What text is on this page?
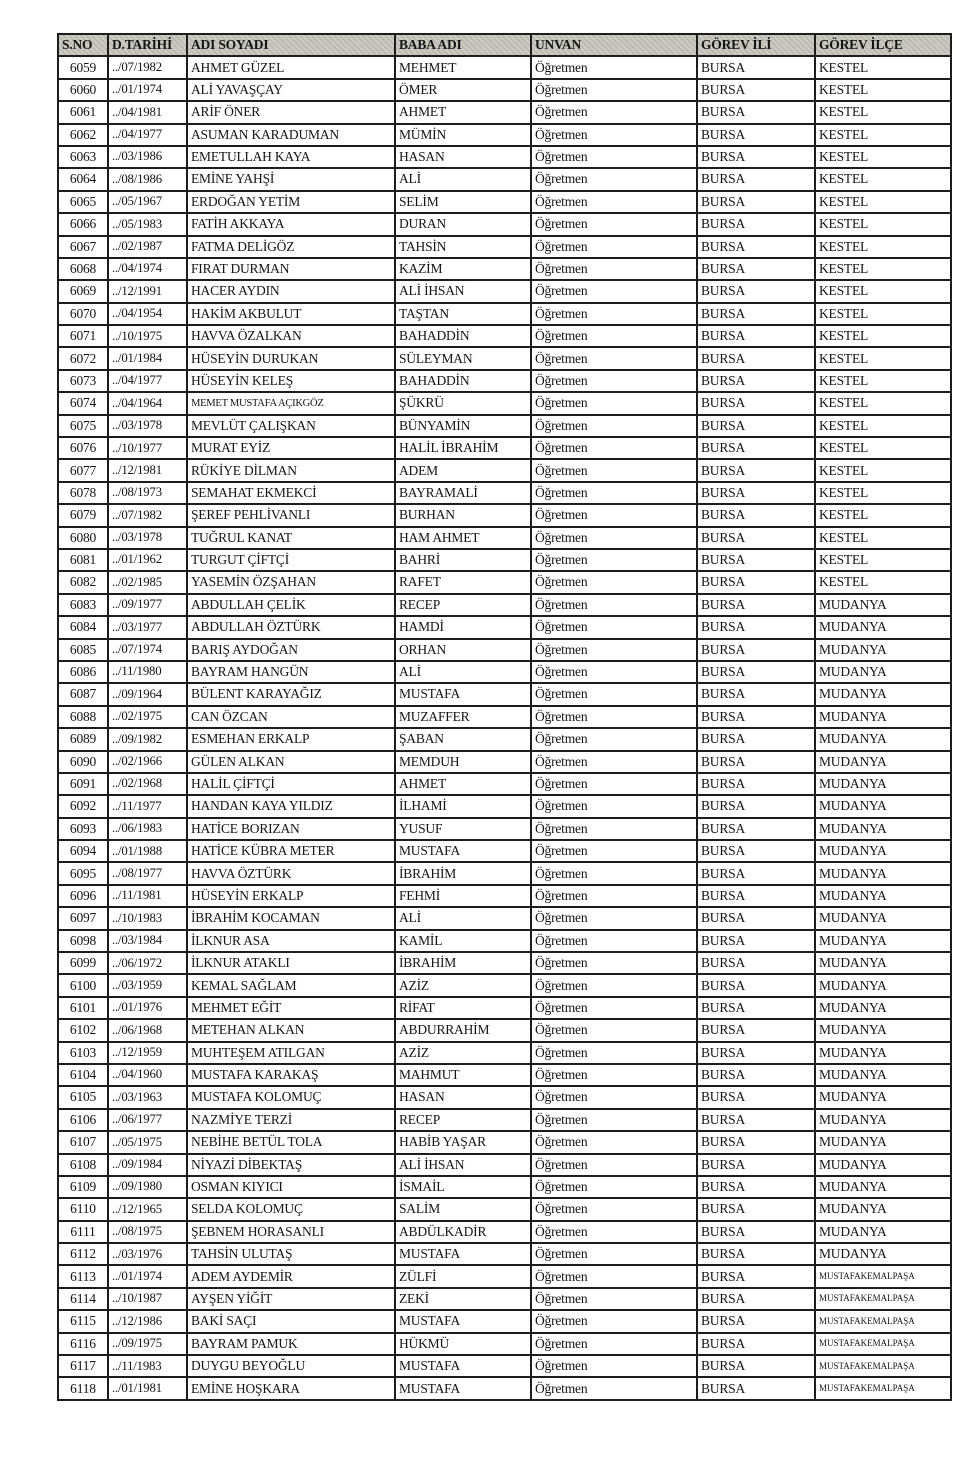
S.NO	D.TARİHİ	ADI SOYADI	BABA ADI	UNVAN	GÖREV İLİ	GÖREV İLÇE
6059	../07/1982	AHMET GÜZEL	MEHMET	Öğretmen	BURSA	KESTEL
6060	../01/1974	ALİ YAVAŞÇAY	ÖMER	Öğretmen	BURSA	KESTEL
6061	../04/1981	ARİF ÖNER	AHMET	Öğretmen	BURSA	KESTEL
6062	../04/1977	ASUMAN KARADUMAN	MÜMİN	Öğretmen	BURSA	KESTEL
6063	../03/1986	EMETULLAH KAYA	HASAN	Öğretmen	BURSA	KESTEL
6064	../08/1986	EMİNE YAHŞİ	ALİ	Öğretmen	BURSA	KESTEL
6065	../05/1967	ERDOĞAN YETİM	SELİM	Öğretmen	BURSA	KESTEL
6066	../05/1983	FATİH AKKAYA	DURAN	Öğretmen	BURSA	KESTEL
6067	../02/1987	FATMA DELİGÖZ	TAHSİN	Öğretmen	BURSA	KESTEL
6068	../04/1974	FIRAT DURMAN	KAZİM	Öğretmen	BURSA	KESTEL
6069	../12/1991	HACER AYDIN	ALİ İHSAN	Öğretmen	BURSA	KESTEL
6070	../04/1954	HAKİM AKBULUT	TAŞTAN	Öğretmen	BURSA	KESTEL
6071	../10/1975	HAVVA ÖZALKAN	BAHADDİN	Öğretmen	BURSA	KESTEL
6072	../01/1984	HÜSEYİN DURUKAN	SÜLEYMAN	Öğretmen	BURSA	KESTEL
6073	../04/1977	HÜSEYİN KELEŞ	BAHADDİN	Öğretmen	BURSA	KESTEL
6074	../04/1964	MEMET MUSTAFA AÇIKGÖZ	ŞÜKRÜ	Öğretmen	BURSA	KESTEL
6075	../03/1978	MEVLÜT ÇALIŞKAN	BÜNYAMİN	Öğretmen	BURSA	KESTEL
6076	../10/1977	MURAT EYİZ	HALİL İBRAHİM	Öğretmen	BURSA	KESTEL
6077	../12/1981	RÜKİYE DİLMAN	ADEM	Öğretmen	BURSA	KESTEL
6078	../08/1973	SEMAHAT EKMEKCİ	BAYRAMALİ	Öğretmen	BURSA	KESTEL
6079	../07/1982	ŞEREF PEHLİVANLI	BURHAN	Öğretmen	BURSA	KESTEL
6080	../03/1978	TUĞRUL KANAT	HAM AHMET	Öğretmen	BURSA	KESTEL
6081	../01/1962	TURGUT ÇİFTÇİ	BAHRİ	Öğretmen	BURSA	KESTEL
6082	../02/1985	YASEMİN ÖZŞAHAN	RAFET	Öğretmen	BURSA	KESTEL
6083	../09/1977	ABDULLAH ÇELİK	RECEP	Öğretmen	BURSA	MUDANYA
6084	../03/1977	ABDULLAH ÖZTÜRK	HAMDİ	Öğretmen	BURSA	MUDANYA
6085	../07/1974	BARIŞ AYDOĞAN	ORHAN	Öğretmen	BURSA	MUDANYA
6086	../11/1980	BAYRAM HANGÜN	ALİ	Öğretmen	BURSA	MUDANYA
6087	../09/1964	BÜLENT KARAYAĞIZ	MUSTAFA	Öğretmen	BURSA	MUDANYA
6088	../02/1975	CAN ÖZCAN	MUZAFFER	Öğretmen	BURSA	MUDANYA
6089	../09/1982	ESMEHAN ERKALP	ŞABAN	Öğretmen	BURSA	MUDANYA
6090	../02/1966	GÜLEN ALKAN	MEMDUH	Öğretmen	BURSA	MUDANYA
6091	../02/1968	HALİL ÇİFTÇİ	AHMET	Öğretmen	BURSA	MUDANYA
6092	../11/1977	HANDAN KAYA YILDIZ	İLHAMİ	Öğretmen	BURSA	MUDANYA
6093	../06/1983	HATİCE BORIZAN	YUSUF	Öğretmen	BURSA	MUDANYA
6094	../01/1988	HATİCE KÜBRA METER	MUSTAFA	Öğretmen	BURSA	MUDANYA
6095	../08/1977	HAVVA ÖZTÜRK	İBRAHİM	Öğretmen	BURSA	MUDANYA
6096	../11/1981	HÜSEYİN ERKALP	FEHMİ	Öğretmen	BURSA	MUDANYA
6097	../10/1983	İBRAHİM KOCAMAN	ALİ	Öğretmen	BURSA	MUDANYA
6098	../03/1984	İLKNUR ASA	KAMİL	Öğretmen	BURSA	MUDANYA
6099	../06/1972	İLKNUR ATAKLI	İBRAHİM	Öğretmen	BURSA	MUDANYA
6100	../03/1959	KEMAL SAĞLAM	AZİZ	Öğretmen	BURSA	MUDANYA
6101	../01/1976	MEHMET EĞİT	RİFAT	Öğretmen	BURSA	MUDANYA
6102	../06/1968	METEHAN ALKAN	ABDURRAHİM	Öğretmen	BURSA	MUDANYA
6103	../12/1959	MUHTEŞEM ATILGAN	AZİZ	Öğretmen	BURSA	MUDANYA
6104	../04/1960	MUSTAFA KARAKAŞ	MAHMUT	Öğretmen	BURSA	MUDANYA
6105	../03/1963	MUSTAFA KOLOMUÇ	HASAN	Öğretmen	BURSA	MUDANYA
6106	../06/1977	NAZMİYE TERZİ	RECEP	Öğretmen	BURSA	MUDANYA
6107	../05/1975	NEBİHE BETÜL TOLA	HABİB YAŞAR	Öğretmen	BURSA	MUDANYA
6108	../09/1984	NİYAZİ DİBEKTAŞ	ALİ İHSAN	Öğretmen	BURSA	MUDANYA
6109	../09/1980	OSMAN KIYICI	İSMAİL	Öğretmen	BURSA	MUDANYA
6110	../12/1965	SELDA KOLOMUÇ	SALİM	Öğretmen	BURSA	MUDANYA
6111	../08/1975	ŞEBNEM HORASANLI	ABDÜLKADİR	Öğretmen	BURSA	MUDANYA
6112	../03/1976	TAHSİN ULUTAŞ	MUSTAFA	Öğretmen	BURSA	MUDANYA
6113	../01/1974	ADEM AYDEMİR	ZÜLFİ	Öğretmen	BURSA	MUSTAFAKEMALPAŞA
6114	../10/1987	AYŞEN YİĞİT	ZEKİ	Öğretmen	BURSA	MUSTAFAKEMALPAŞA
6115	../12/1986	BAKİ SAÇI	MUSTAFA	Öğretmen	BURSA	MUSTAFAKEMALPAŞA
6116	../09/1975	BAYRAM PAMUK	HÜKMÜ	Öğretmen	BURSA	MUSTAFAKEMALPAŞA
6117	../11/1983	DUYGU BEYOĞLU	MUSTAFA	Öğretmen	BURSA	MUSTAFAKEMALPAŞA
6118	../01/1981	EMİNE HOŞKARA	MUSTAFA	Öğretmen	BURSA	MUSTAFAKEMALPAŞA
